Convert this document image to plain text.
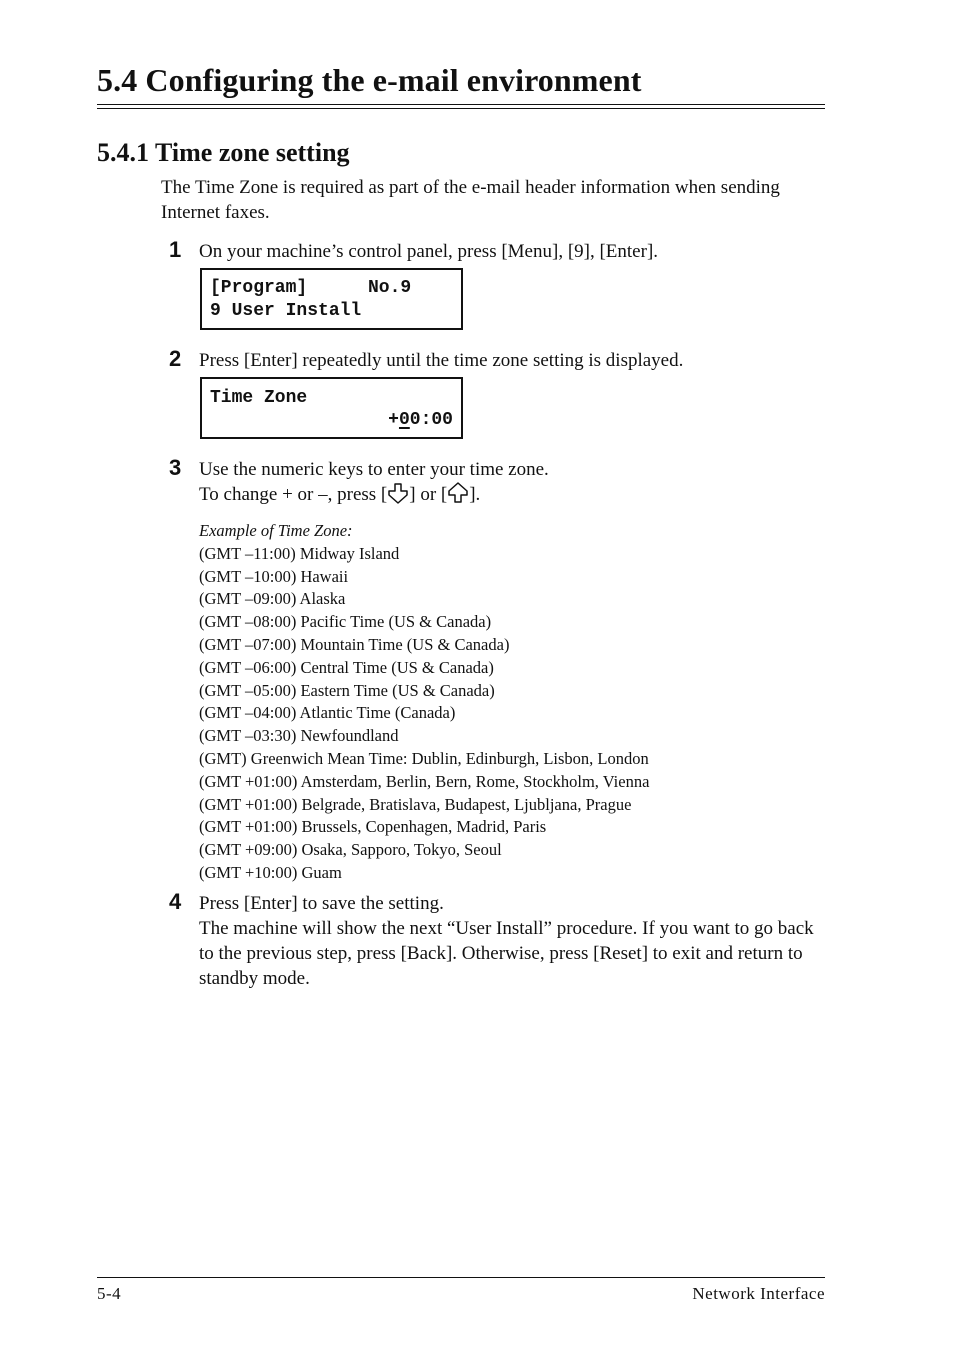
5.4 Configuring the e-mail environment
5.4.1 Time zone setting
The Time Zone is required as part of the e-mail header information when sending Internet faxes.
1 On your machine’s control panel, press [Menu], [9], [Enter].
[Program]	No.9
9 User Install
2 Press [Enter] repeatedly until the time zone setting is displayed.
Time Zone
+00:00
3 Use the numeric keys to enter your time zone.
To change + or –, press [ ] or [ ].
Example of Time Zone:
(GMT –11:00) Midway Island
(GMT –10:00) Hawaii
(GMT –09:00) Alaska
(GMT –08:00) Pacific Time (US & Canada)
(GMT –07:00) Mountain Time (US & Canada)
(GMT –06:00) Central Time (US & Canada)
(GMT –05:00) Eastern Time (US & Canada)
(GMT –04:00) Atlantic Time (Canada)
(GMT –03:30) Newfoundland
(GMT) Greenwich Mean Time: Dublin, Edinburgh, Lisbon, London
(GMT +01:00) Amsterdam, Berlin, Bern, Rome, Stockholm, Vienna
(GMT +01:00) Belgrade, Bratislava, Budapest, Ljubljana, Prague
(GMT +01:00) Brussels, Copenhagen, Madrid, Paris
(GMT +09:00) Osaka, Sapporo, Tokyo, Seoul
(GMT +10:00) Guam
4 Press [Enter] to save the setting.
The machine will show the next “User Install” procedure. If you want to go back to the previous step, press [Back]. Otherwise, press [Reset] to exit and return to standby mode.
5-4	Network Interface
